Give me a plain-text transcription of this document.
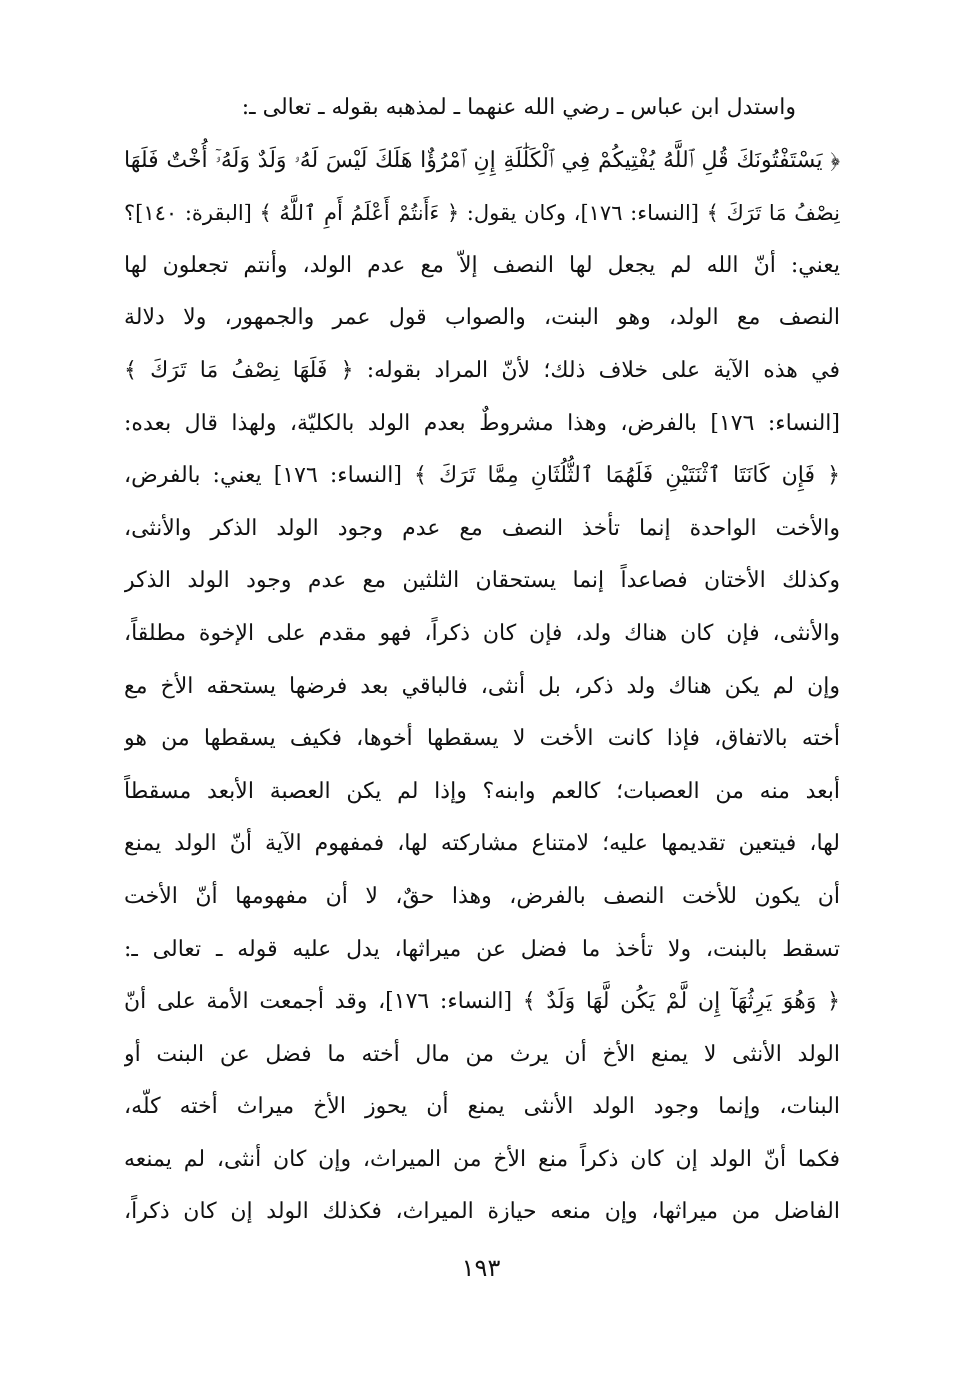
واستدل ابن عباس ـ رضي الله عنهما ـ لمذهبه بقوله ـ تعالى ـ:
﴿ يَسْتَفْتُونَكَ قُلِ ٱللَّهُ يُفْتِيكُمْ فِي ٱلْكَلَٰلَةِ إِنِ ٱمْرُؤٌا هَلَكَ لَيْسَ لَهُۥ وَلَدٌ وَلَهُۥٓ أُخْتٌ فَلَهَا
نِصْفُ مَا تَرَكَ ﴾ [النساء: ١٧٦]، وكان يقول: ﴿ ءَأَنتُمْ أَعْلَمُ أَمِ ٱللَّهُ ﴾ [البقرة: ١٤٠]؟
يعني: أنّ الله لم يجعل لها النصف إلاّ مع عدم الولد، وأنتم تجعلون لها
النصف مع الولد، وهو البنت، والصواب قول عمر والجمهور، ولا دلالة
في هذه الآية على خلاف ذلك؛ لأنّ المراد بقوله: ﴿ فَلَهَا نِصْفُ مَا تَرَكَ ﴾
[النساء: ١٧٦] بالفرض، وهذا مشروطٌ بعدم الولد بالكليّة، ولهذا قال بعده:
﴿ فَإِن كَانَتَا ٱثْنَتَيْنِ فَلَهُمَا ٱلثُّلُثَانِ مِمَّا تَرَكَ ﴾ [النساء: ١٧٦] يعني: بالفرض،
والأخت الواحدة إنما تأخذ النصف مع عدم وجود الولد الذكر والأنثى،
وكذلك الأختان فصاعداً إنما يستحقان الثلثين مع عدم وجود الولد الذكر
والأنثى، فإن كان هناك ولد، فإن كان ذكراً، فهو مقدم على الإخوة مطلقاً،
وإن لم يكن هناك ولد ذكر، بل أنثى، فالباقي بعد فرضها يستحقه الأخ مع
أخته بالاتفاق، فإذا كانت الأخت لا يسقطها أخوها، فكيف يسقطها من هو
أبعد منه من العصبات؛ كالعم وابنه؟ وإذا لم يكن العصبة الأبعد مسقطاً
لها، فيتعين تقديمها عليه؛ لامتناع مشاركته لها، فمفهوم الآية أنّ الولد يمنع
أن يكون للأخت النصف بالفرض، وهذا حقٌ، لا أن مفهومها أنّ الأخت
تسقط بالبنت، ولا تأخذ ما فضل عن ميراثها، يدل عليه قوله ـ تعالى ـ:
﴿ وَهُوَ يَرِثُهَآ إِن لَّمْ يَكُن لَّهَا وَلَدٌ ﴾ [النساء: ١٧٦]، وقد أجمعت الأمة على أنّ
الولد الأنثى لا يمنع الأخ أن يرث من مال أخته ما فضل عن البنت أو
البنات، وإنما وجود الولد الأنثى يمنع أن يحوز الأخ ميراث أخته كلّه،
فكما أنّ الولد إن كان ذكراً منع الأخ من الميراث، وإن كان أنثى، لم يمنعه
الفاضل من ميراثها، وإن منعه حيازة الميراث، فكذلك الولد إن كان ذكراً،
١٩٣
